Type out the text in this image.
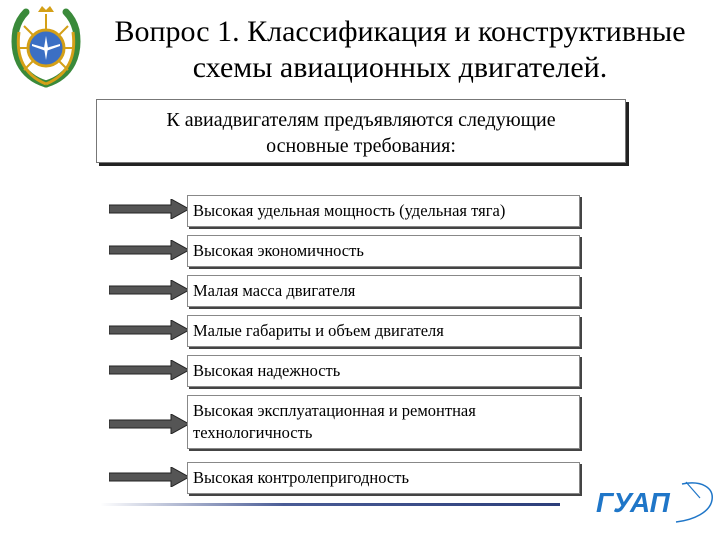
Вопрос 1. Классификация и конструктивные
схемы авиационных двигателей.
К авиадвигателям предъявляются следующие
основные требования:
Высокая удельная мощность (удельная тяга)
Высокая экономичность
Малая масса двигателя
Малые габариты и объем двигателя
Высокая надежность
Высокая эксплуатационная и ремонтная технологичность
Высокая контролепригодность
ГУАП
